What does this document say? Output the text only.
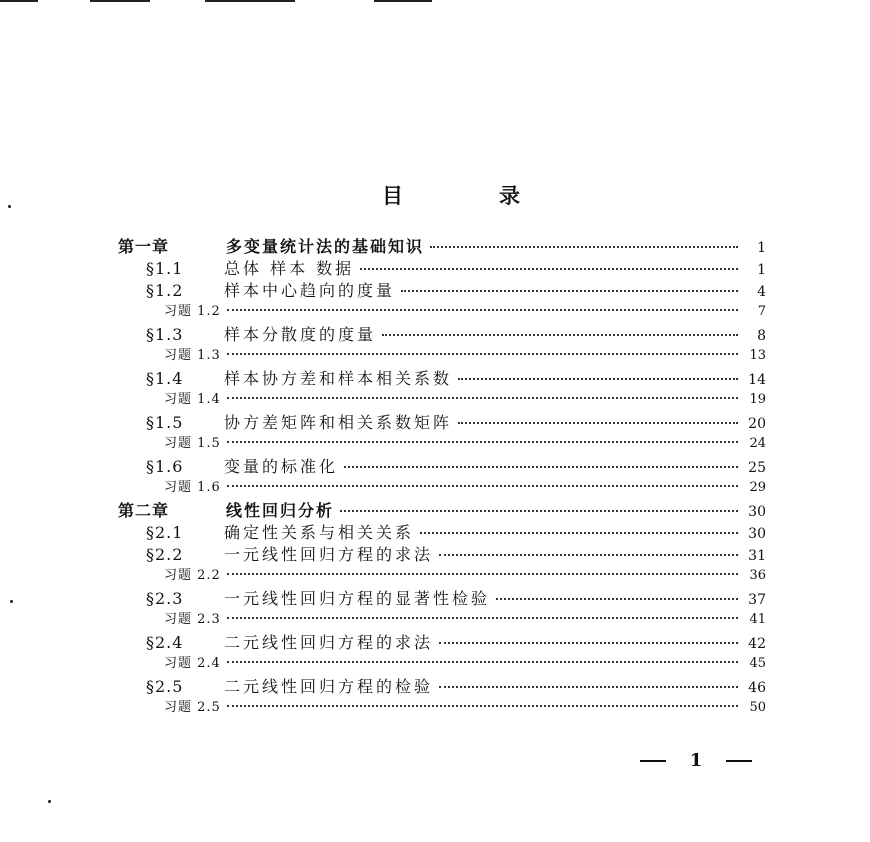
目	录
第一章	多变量统计法的基础知识	1
§1.1	总体 样本 数据	1
§1.2	样本中心趋向的度量	4
习题 1.2	7
§1.3	样本分散度的度量	8
习题 1.3	13
§1.4	样本协方差和样本相关系数	14
习题 1.4	19
§1.5	协方差矩阵和相关系数矩阵	20
习题 1.5	24
§1.6	变量的标准化	25
习题 1.6	29
第二章	线性回归分析	30
§2.1	确定性关系与相关关系	30
§2.2	一元线性回归方程的求法	31
习题 2.2	36
§2.3	一元线性回归方程的显著性检验	37
习题 2.3	41
§2.4	二元线性回归方程的求法	42
习题 2.4	45
§2.5	二元线性回归方程的检验	46
习题 2.5	50
1
